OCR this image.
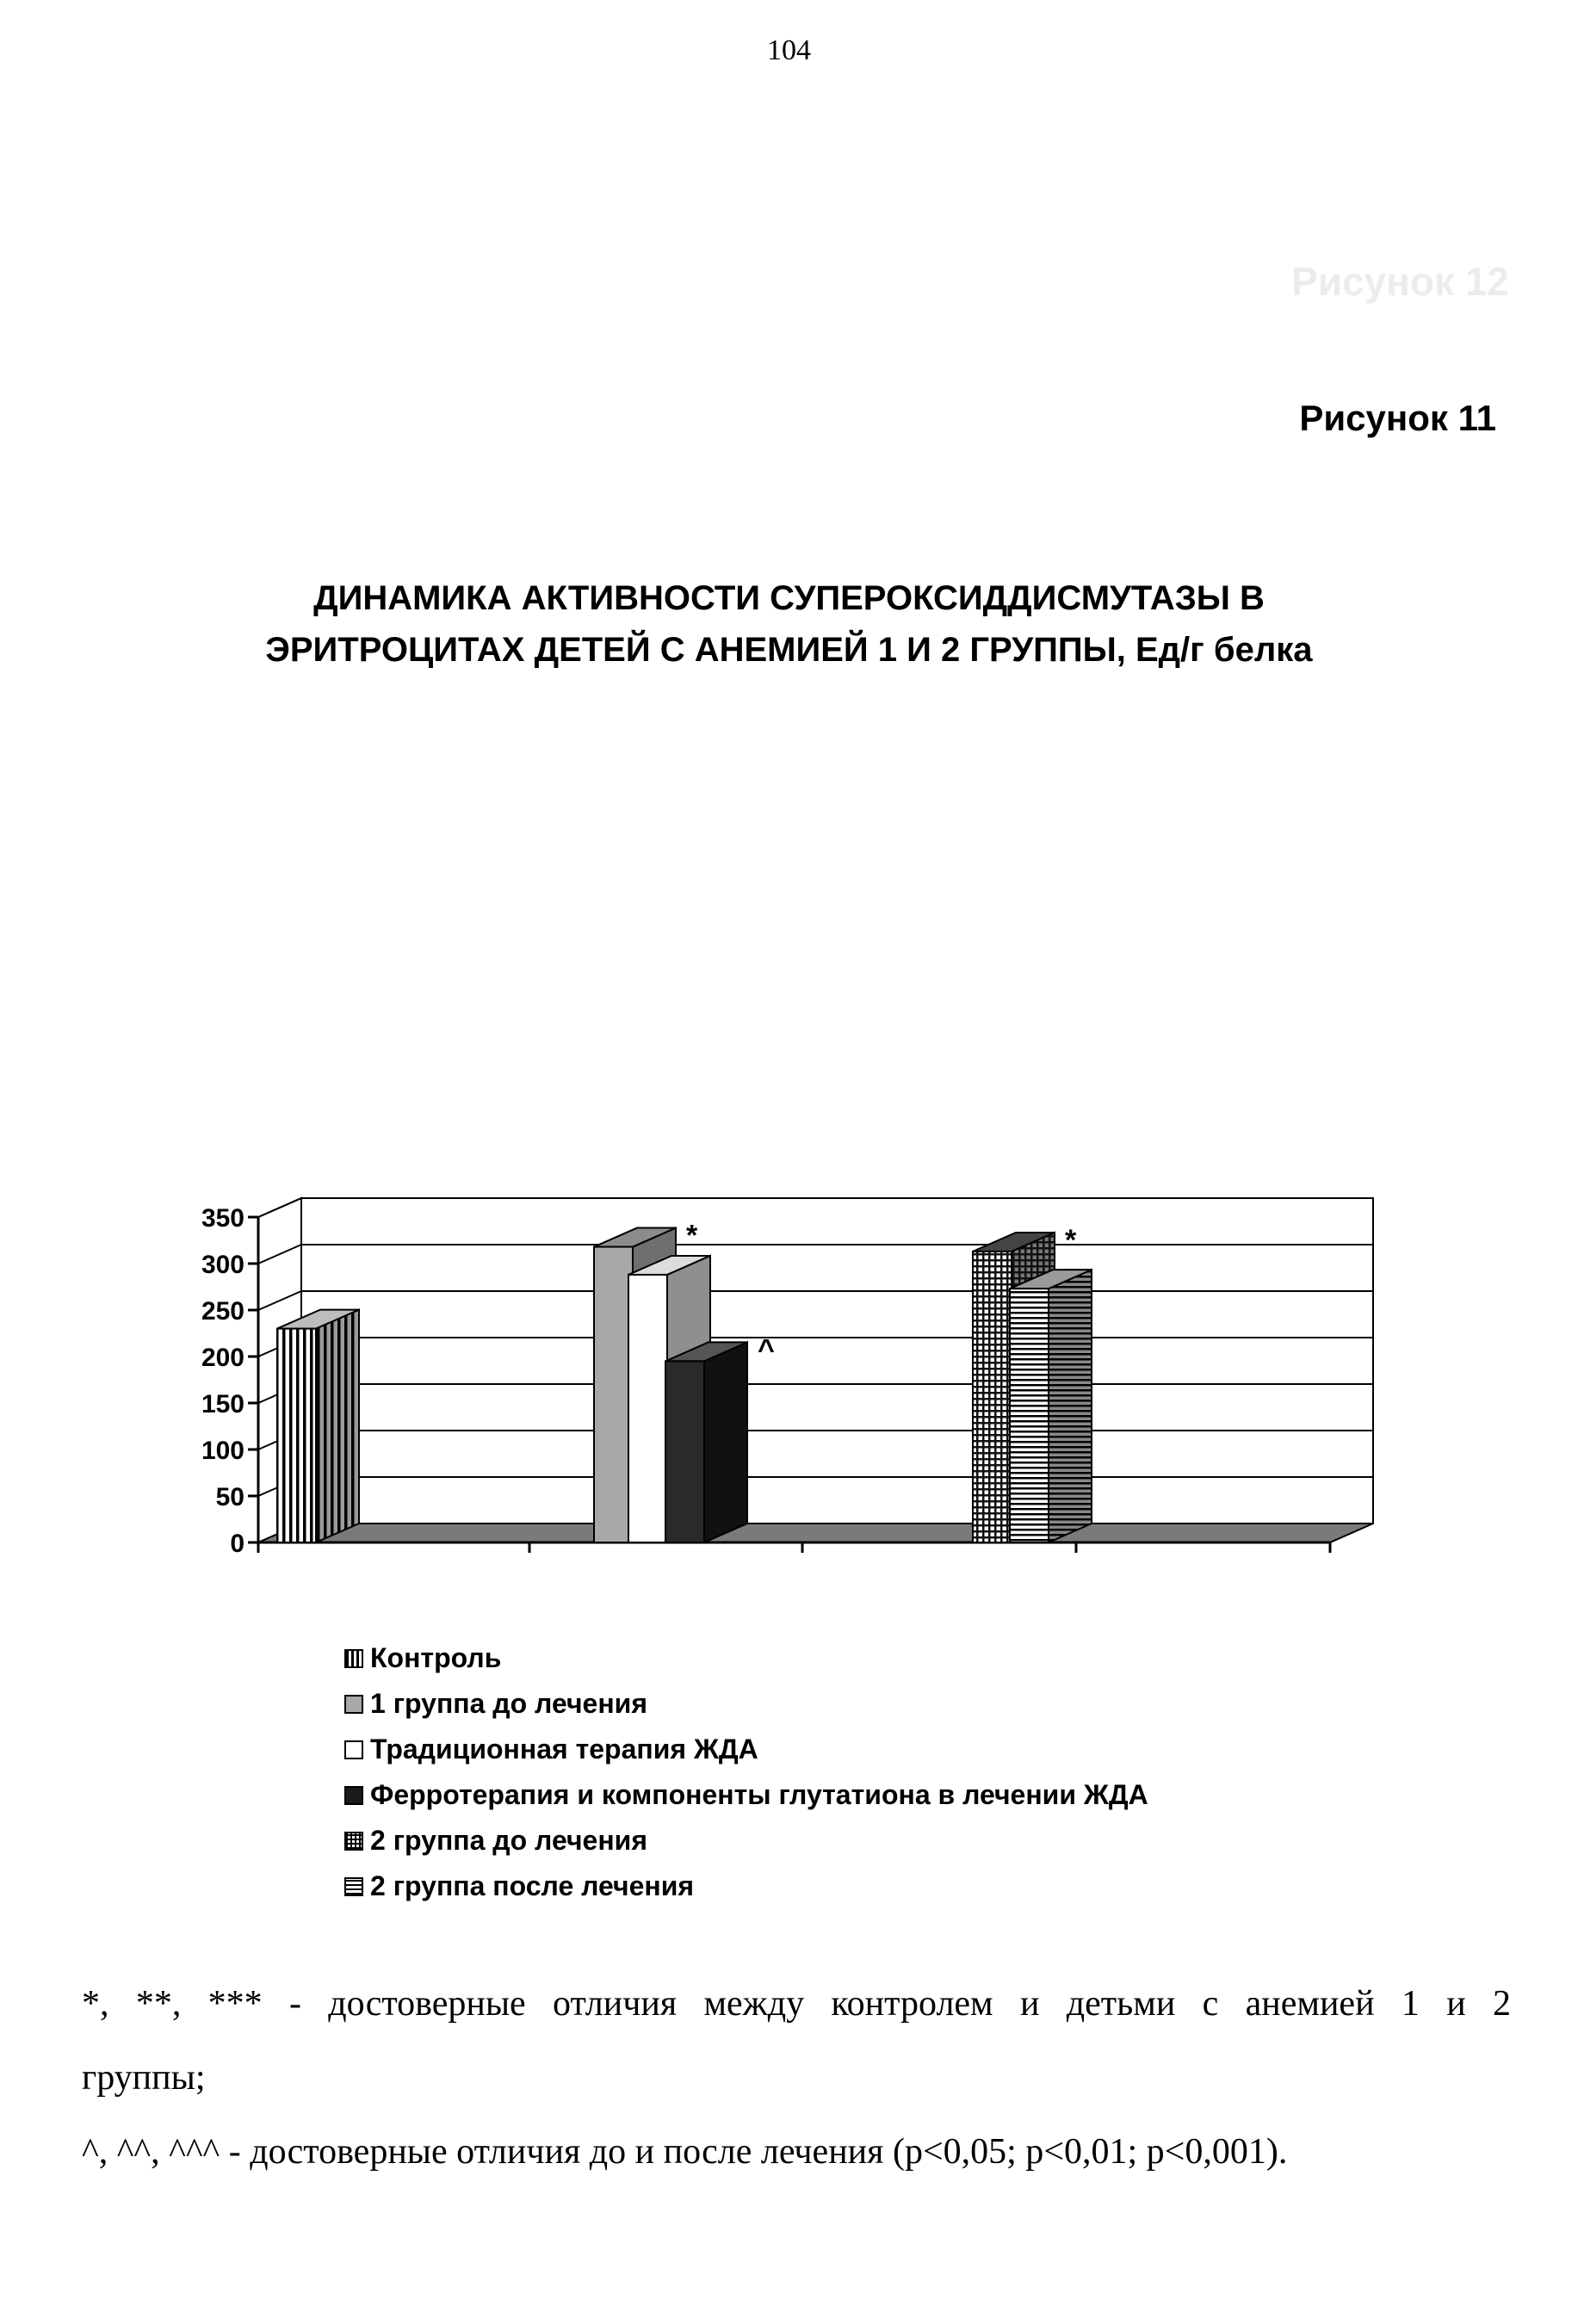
104
Рисунок 12
Рисунок 11
ДИНАМИКА АКТИВНОСТИ СУПЕРОКСИДДИСМУТАЗЫ В
ЭРИТРОЦИТАХ ДЕТЕЙ С АНЕМИЕЙ 1 И 2 ГРУППЫ, Ед/г белка
0
50
100
150
200
250
300
350
*
^
*
Контроль
1 группа до лечения
Традиционная терапия ЖДА
Ферротерапия и компоненты глутатиона в лечении ЖДА
2 группа до лечения
2 группа после лечения
*, **, *** - достоверные отличия между контролем и детьми с анемией 1 и 2
группы;
^, ^^, ^^^ - достоверные отличия до и после лечения (р<0,05; р<0,01; р<0,001).
